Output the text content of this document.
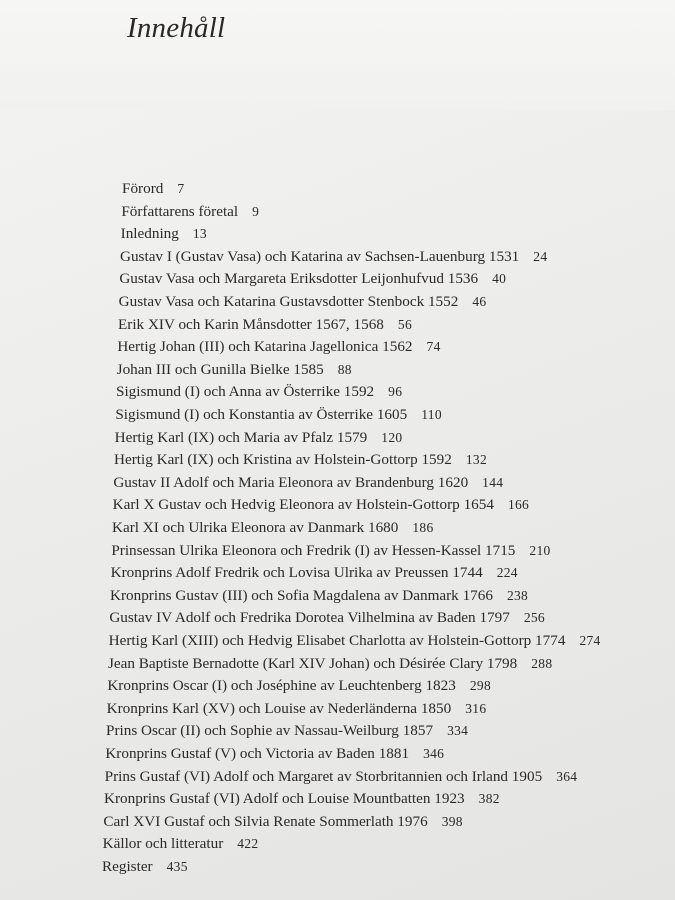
Innehåll
Förord 7
Författarens företal 9
Inledning 13
Gustav I (Gustav Vasa) och Katarina av Sachsen-Lauenburg 1531 24
Gustav Vasa och Margareta Eriksdotter Leijonhufvud 1536 40
Gustav Vasa och Katarina Gustavsdotter Stenbock 1552 46
Erik XIV och Karin Månsdotter 1567, 1568 56
Hertig Johan (III) och Katarina Jagellonica 1562 74
Johan III och Gunilla Bielke 1585 88
Sigismund (I) och Anna av Österrike 1592 96
Sigismund (I) och Konstantia av Österrike 1605 110
Hertig Karl (IX) och Maria av Pfalz 1579 120
Hertig Karl (IX) och Kristina av Holstein-Gottorp 1592 132
Gustav II Adolf och Maria Eleonora av Brandenburg 1620 144
Karl X Gustav och Hedvig Eleonora av Holstein-Gottorp 1654 166
Karl XI och Ulrika Eleonora av Danmark 1680 186
Prinsessan Ulrika Eleonora och Fredrik (I) av Hessen-Kassel 1715 210
Kronprins Adolf Fredrik och Lovisa Ulrika av Preussen 1744 224
Kronprins Gustav (III) och Sofia Magdalena av Danmark 1766 238
Gustav IV Adolf och Fredrika Dorotea Vilhelmina av Baden 1797 256
Hertig Karl (XIII) och Hedvig Elisabet Charlotta av Holstein-Gottorp 1774 274
Jean Baptiste Bernadotte (Karl XIV Johan) och Désirée Clary 1798 288
Kronprins Oscar (I) och Joséphine av Leuchtenberg 1823 298
Kronprins Karl (XV) och Louise av Nederländerna 1850 316
Prins Oscar (II) och Sophie av Nassau-Weilburg 1857 334
Kronprins Gustaf (V) och Victoria av Baden 1881 346
Prins Gustaf (VI) Adolf och Margaret av Storbritannien och Irland 1905 364
Kronprins Gustaf (VI) Adolf och Louise Mountbatten 1923 382
Carl XVI Gustaf och Silvia Renate Sommerlath 1976 398
Källor och litteratur 422
Register 435
